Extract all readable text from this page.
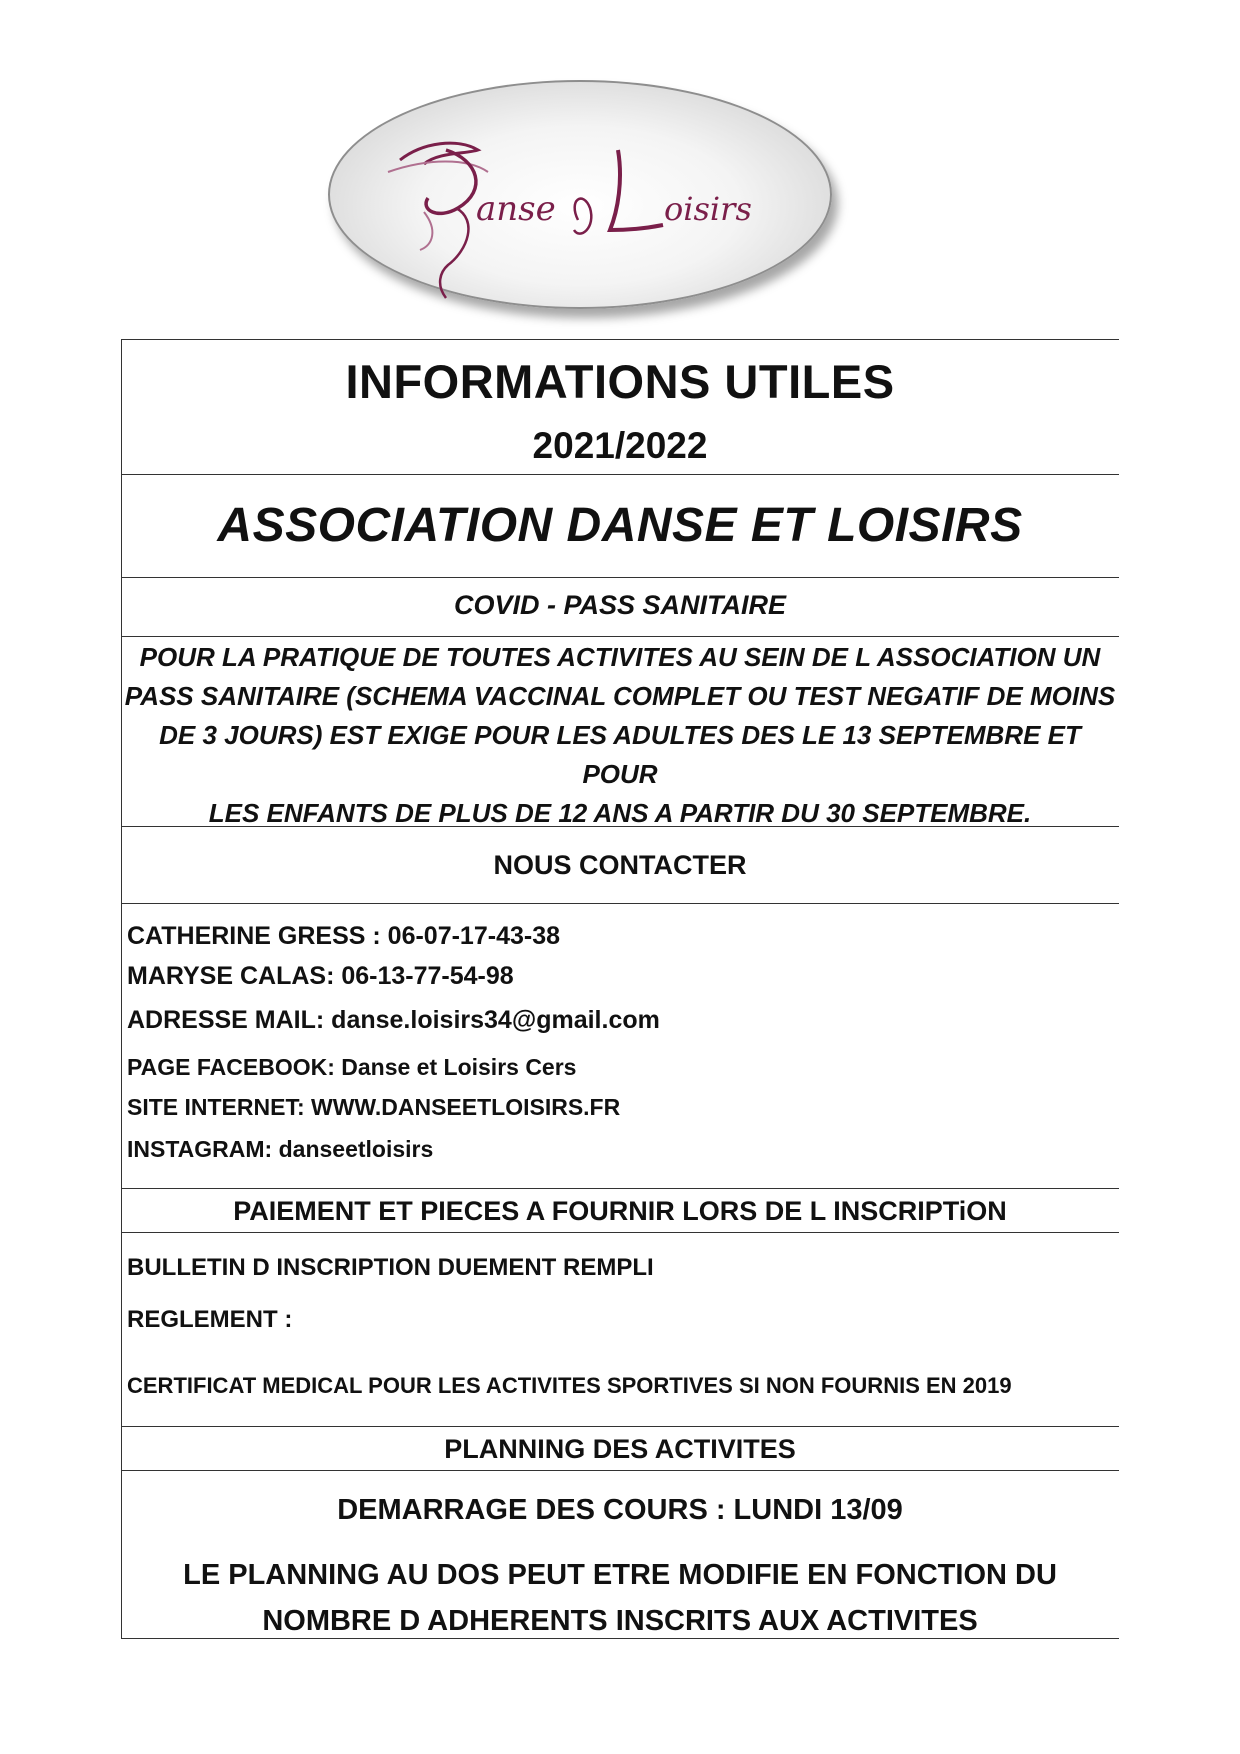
anse	oisirs
INFORMATIONS UTILES
2021/2022
ASSOCIATION DANSE ET LOISIRS
COVID - PASS SANITAIRE
POUR LA PRATIQUE DE TOUTES ACTIVITES AU SEIN DE L ASSOCIATION UN
PASS SANITAIRE (SCHEMA VACCINAL COMPLET OU TEST NEGATIF DE MOINS
DE 3 JOURS) EST EXIGE POUR LES ADULTES DES LE 13 SEPTEMBRE ET POUR
LES ENFANTS DE PLUS DE 12 ANS A PARTIR DU 30 SEPTEMBRE.
NOUS CONTACTER
CATHERINE GRESS : 06-07-17-43-38
MARYSE CALAS: 06-13-77-54-98
ADRESSE MAIL: danse.loisirs34@gmail.com
PAGE FACEBOOK: Danse et Loisirs Cers
SITE INTERNET: WWW.DANSEETLOISIRS.FR
INSTAGRAM: danseetloisirs
PAIEMENT ET PIECES A FOURNIR LORS DE L INSCRIPTiON
BULLETIN D INSCRIPTION DUEMENT REMPLI
REGLEMENT :
CERTIFICAT MEDICAL POUR LES ACTIVITES SPORTIVES SI NON FOURNIS EN 2019
PLANNING DES ACTIVITES
DEMARRAGE DES COURS : LUNDI 13/09
LE PLANNING AU DOS PEUT ETRE MODIFIE EN FONCTION DU
NOMBRE D ADHERENTS INSCRITS AUX ACTIVITES
